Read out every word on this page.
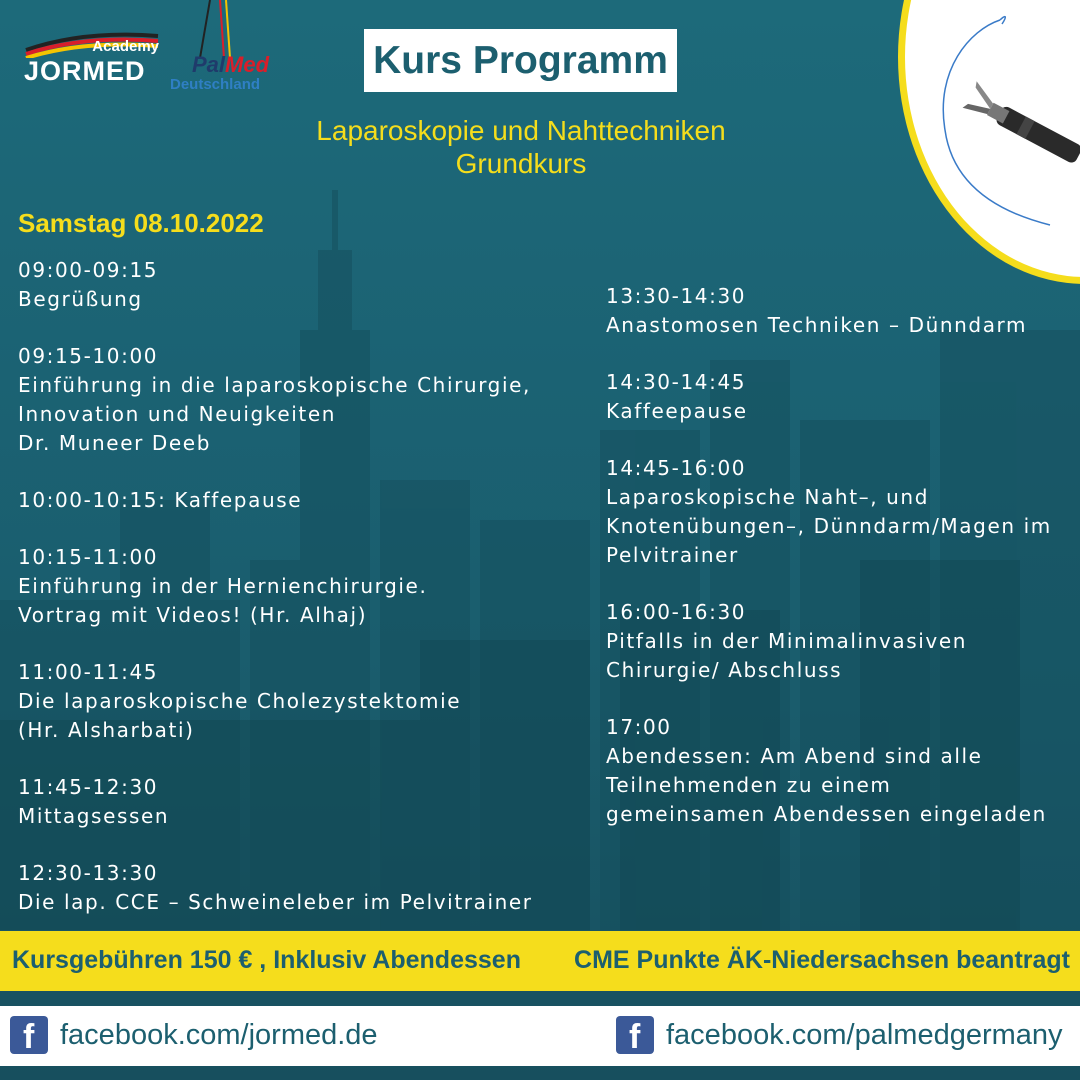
Academy
JORMED PalMed
Deutschland
Kurs Programm
Laparoskopie und Nahttechniken
Grundkurs
Samstag 08.10.2022
09:00-09:15
Begrüßung
09:15-10:00
Einführung in die laparoskopische Chirurgie,
Innovation und Neuigkeiten
Dr. Muneer Deeb
10:00-10:15: Kaffepause
10:15-11:00
Einführung in der Hernienchirurgie.
Vortrag mit Videos! (Hr. Alhaj)
11:00-11:45
Die laparoskopische Cholezystektomie
(Hr. Alsharbati)
11:45-12:30
Mittagsessen
12:30-13:30
Die lap. CCE – Schweineleber im Pelvitrainer
13:30-14:30
Anastomosen Techniken – Dünndarm
14:30-14:45
Kaffeepause
14:45-16:00
Laparoskopische Naht–, und
Knotenübungen–, Dünndarm/Magen im
Pelvitrainer
16:00-16:30
Pitfalls in der Minimalinvasiven
Chirurgie/ Abschluss
17:00
Abendessen: Am Abend sind alle
Teilnehmenden zu einem
gemeinsamen Abendessen eingeladen
Kursgebühren 150 € , Inklusiv Abendessen CME Punkte ÄK-Niedersachsen beantragt
f facebook.com/jormed.de	f facebook.com/palmedgermany
